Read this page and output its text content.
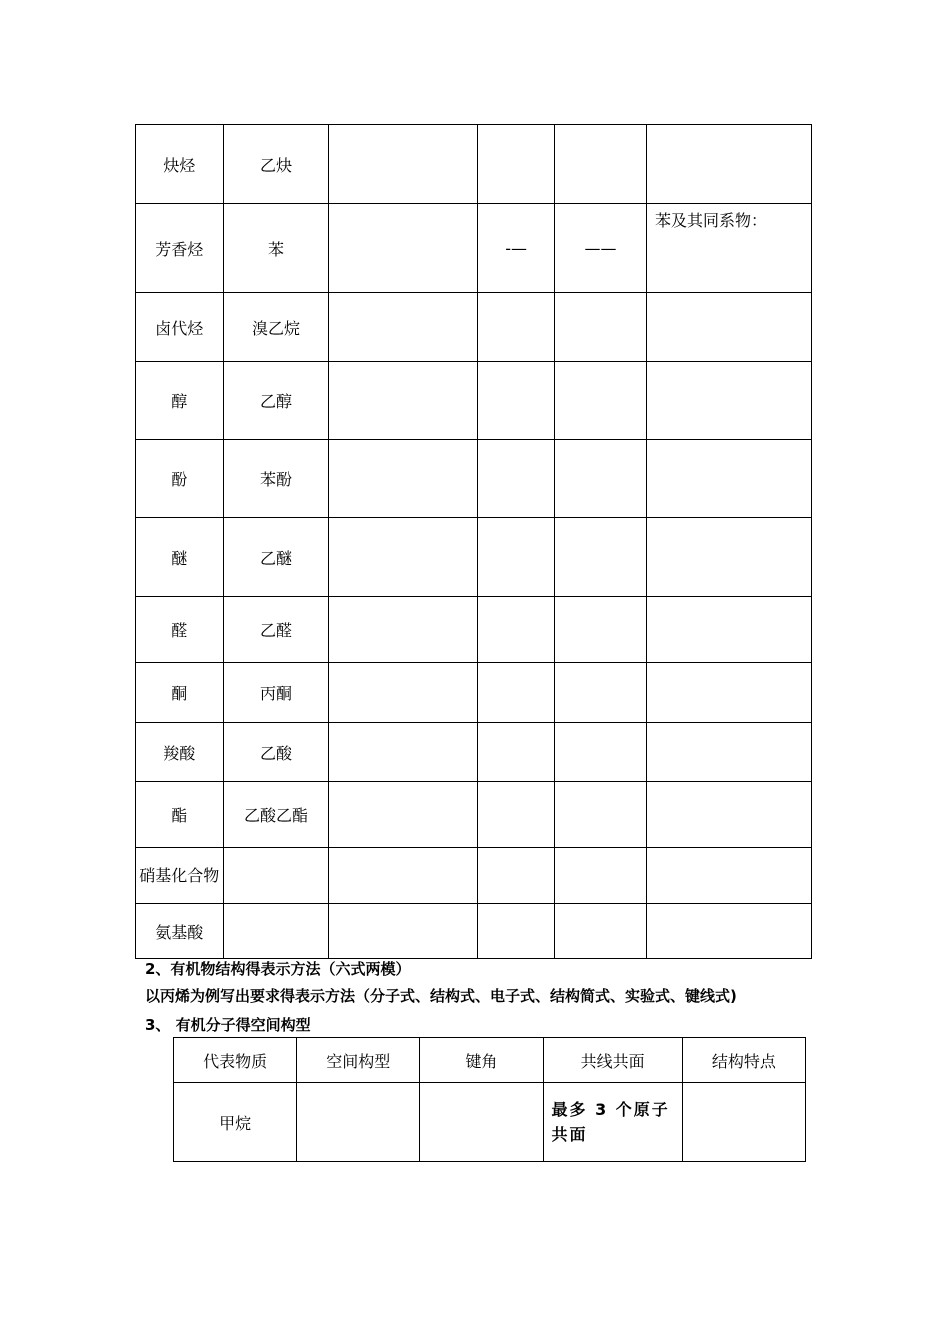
炔烃	乙炔				
芳香烃	苯		-—	——	苯及其同系物：
卤代烃	溴乙烷				
醇	乙醇				
酚	苯酚				
醚	乙醚				
醛	乙醛				
酮	丙酮				
羧酸	乙酸				
酯	乙酸乙酯				
硝基化合物					
氨基酸					
2、有机物结构得表示方法（六式两模）
以丙烯为例写出要求得表示方法（分子式、结构式、电子式、结构简式、实验式、键线式)
3、 有机分子得空间构型
代表物质	空间构型	键角	共线共面	结构特点
甲烷			最多 3 个原子共面	
